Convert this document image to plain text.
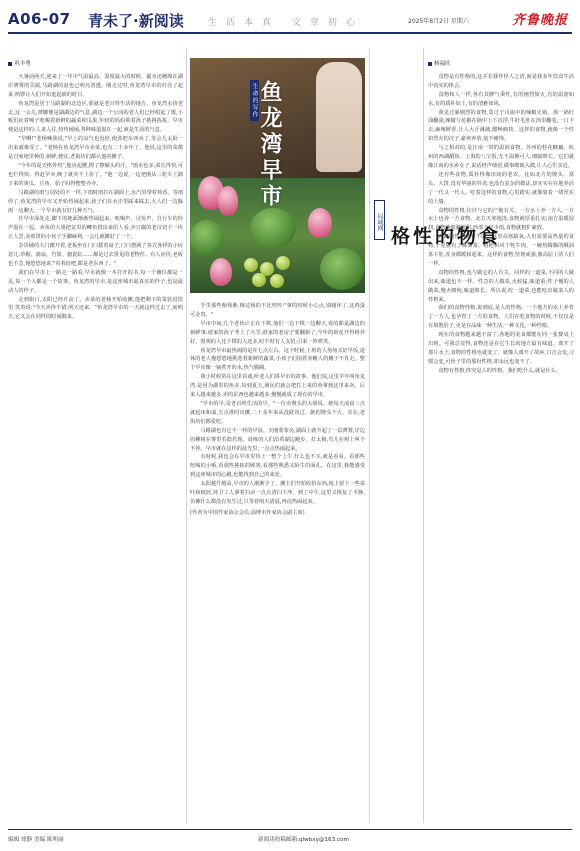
A06-07 青未了·新阅读	生活本真 文章初心	2025年8月2日 星期六	齐鲁晚报
巩丰勇

大暑前两天,迎来了一年中气温最高、湿度最大的时候。霾水还缠绵在湖岸薄雾的尖端,马路湖的浪也已明亮清透。刚走过时,鱼龙湾早市的灯亮了起来,鸣锣让人们开始逛起新的时日。

鱼龙湾是居于马路湖的北边区,那就是老百姓生活的地方。鱼龙湾水挤老去,这一会儿,薄脚便是湖湖边的气息,湖边一个公园的老人们已经唱起了歌,小贩们扯着嗓子吆喝着新鲜的蔬菜和瓜果,年轻的妈妈领着孩子挑挑拣拣。早市便是这样的:人来人往,热热闹闹,各种味道混在一起,就是生活的气息。

"早啊!"老杨喊我说,"早上的凉气也没停,使劲把东西卖了,等会儿太阳一出来就难受了。"老杨在鱼龙湾早市卖菜,也有二十多年了。他说,这里的菜都是自家地里种的,新鲜,便宜,老街坊们都认他的摊子。

"今年的夏天格外热",他直起腰,擦了擦额头的汗。"雨水也多,菜长得快,可也烂得快。得赶早卖,晚了就卖不上价了。"他一边说,一边把刚从三轮车上卸下来的黄瓜、豆角、茄子码得整整齐齐。

马路湖的雨与别处的不一样,下雨时雨打在湖面上,水汽里带着荷香。等雨停了,鱼龙湾的早市又开始热闹起来,孩子们在水洼里踩来踩去,大人们一边躲雨一边聊天,一个早市就有好几种天气。

往早市深处走,脚下的地面渐渐热闹起来。吆喝声、讨价声、自行车的铃声混在一起。卖鱼的大姐把盆里的鲫鱼捞出来给人看,卖豆腐的老汉切下一块让人尝,卖煎饼的小伙子手脚麻利,一会儿就摊好了一个。

杂货铺的大门敞开着,老板坐在门口摇着扇子,门口摆满了各式各样的小玩意儿:草帽、蒲扇、竹篮、搪瓷缸……都是过去常见的老物件。有人问价,老板也不急,慢悠悠地说:"看着给吧,都是老东西了。"

我们在早市上一路走一路看,早市就像一本打开的书,每一个摊位都是一页,每一个人都是一个故事。鱼龙湾的早市,是这座城市最真实的样子,也是最动人的样子。

走到街口,太阳已经升高了。卖菜的老杨开始收摊,他把剩下的菜装进筐里,笑着说:"今天卖得不错,明天还来。"鱼龙湾早市的一天就这样过去了,而明天,它又会在同样的时间醒来。

生命的写作 鱼龙湾早市

手里那些葡萄紫,梅达杨的不比哼哼:"拿的时候小心点,别碰坏了,这鸡蛋可金贵。"

早市中间,几个老伙计正在下棋,他们一边下棋一边聊天,说的都是湖边的新鲜事:谁家的孩子考上了大学,谁家的老房子要翻新了,今年的荷花开得格外好。围观的人比下棋的人还多,时不时有人支招,引来一阵哄笑。

鱼龙湾早市最热闹的是在七点左右。这个时候,上班的人匆匆买好早饭,退休的老人慢悠悠地挑选着新鲜的蔬菜,小孩子们围着卖糖人的摊子不肯走。整个早市像一锅煮开的水,热气腾腾。

我小时候常在这里看戏,听老人们讲早市的故事。他们说,这里早年叫鱼龙湾,是因为湖里的鱼多,每到夏天,渔民们就会把打上来的鱼拿到这里来卖。后来人越来越多,卖的东西也越来越多,慢慢就成了现在的早市。

"早市的早,是老百姓生活的早。"一位卖馒头的大姐说。她每天凌晨三点就起床和面,五点准时出摊,二十多年来从没耽误过。她的馒头个大、实在,老街坊们都爱吃。

马路湖也有它不一样的早晨。天刚蒙蒙亮,湖面上就升起了一层薄雾,岸边的柳树在雾里若隐若现。晨练的人们沿着湖边跑步、打太极,鸟儿在树上叫个不停。早市就在这样的晨光里,一点点热闹起来。

有时候,我也会在早市里待上一整个上午,什么也不买,就是看看。看那些吆喝的小贩,看那些挑拣的顾客,看那些熟悉又陌生的面孔。在这里,我能感受到这座城市的心跳,也能找到自己的来处。

太阳越升越高,早市的人渐渐少了。摊主们开始收拾东西,地上留下一些菜叶和纸屑,环卫工人拿着扫帚一点点清扫干净。到了中午,这里又恢复了平静,仿佛什么都没有发生过,只等着明天清晨,再次热闹起来。

(作者为中国作家协会会员,淄博市作家协会副主席)

局域网
食物的性格
杨福旺

食物是有性格的,这并非我作怪人之语,而是我多年饮食生活中真实的体会。

食物和人一样,各有其脾气秉性,有的刚烈如火,有的温润如水,有的质朴如土,有的清雅如风。

我见过暴刚烈的食物,莫过于川渝中的辣椒火锅。那一锅红油翻滚,辣椒与花椒在锅中上下沉浮,牛肚毛肚在汤里翻卷,一口下去,麻辣鲜香,让人大汗淋漓,酣畅痛快。这样的食物,就像一个性如烈火的汉子,豪爽奔放,毫不掩饰。

与之相对的,是江南一带的温润食物。苏州的桂花糖藕、杭州的西湖醋鱼、上海的八宝饭,无不温婉可人,细腻绵长。它们就像江南的水乡女子,说话轻声细语,做事细致入微,让人心生亲近。

还有些食物,质朴得像田间的老农。比如北方的馒头、窝头、大饼,没有华丽的外表,也没有复杂的做法,却实实在在地养活了一代又一代人。吃着这样的食物,心里踏实,就像靠着一堵厚实的土墙。

食物的性格,往往与它的产地有关。一方水土养一方人,一方水土也养一方食物。北方天寒地冻,食物就厚重扎实;南方温暖湿润,食物就细腻清甜;西部干旱少雨,食物就粗犷豪放。

西藏的性格又有不同。这里高寒缺氧,人们需要高热量的食物,于是就有了酥油茶、糌粑和风干牦牛肉。一碗热腾腾的酥油茶下肚,浑身都暖和起来。这样的食物,坚韧顽强,像高原上的人们一样。

食物的性格,也与做它的人有关。同样的一道菜,不同的人做出来,味道也不一样。性急的人做菜,火候猛,味道重;性子慢的人做菜,慢火细炖,味道绵长。所以说,吃一道菜,也能吃出做菜人的性格来。

我们的食物性格,说到底,是人的性格。一个地方的水土养育了一方人,也孕育了一方的食物。人们在吃食物的时候,不仅仅是在填饱肚子,更是在品味一种生活,一种文化,一种性格。

现在的食物越来越丰富了,各地的美食都能在同一张餐桌上出现。可我总觉得,食物还是在它生长的地方最有味道。离开了那片水土,食物的性格也就变了。就像人离开了故乡,口音会变,习惯会变,可骨子里的那份性格,却永远也变不了。

食物有性格,终究是人的性格。我们吃什么,就是什么。

编辑 徐静 美编 陈明丽	新阅读投稿邮箱:qlwbxy@163.com
